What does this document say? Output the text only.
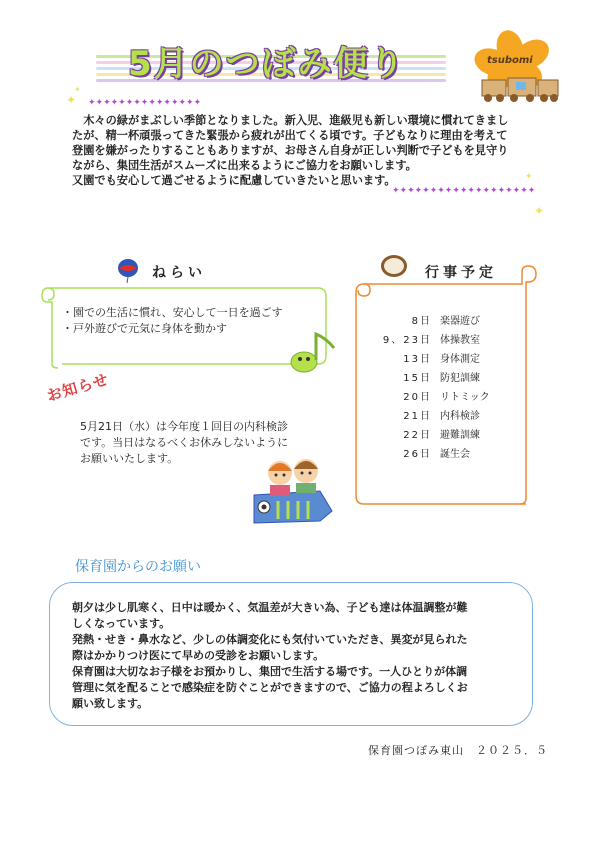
5月のつぼみ便り	tsubomi
✦
✦
✦✦✦✦✦✦✦✦✦✦✦✦✦✦✦
✦✦✦✦✦✦✦✦✦✦✦✦✦✦✦✦✦✦✦
✦
✦

　木々の緑がまぶしい季節となりました。新入児、進級児も新しい環境に慣れてきまし

たが、精一杯頑張ってきた緊張から疲れが出てくる頃です。子どもなりに理由を考えて

登園を嫌がったりすることもありますが、お母さん自身が正しい判断で子どもを見守り

ながら、集団生活がスムーズに出来るようにご協力をお願いします。

又園でも安心して過ごせるように配慮していきたいと思います。

ねらい
・園での生活に慣れ、安心して一日を過ごす
・戸外遊びで元気に身体を動かす
行事予定
8日 楽器遊び
9、23日 体操教室
13日 身体測定
15日 防犯訓練
20日 リトミック
21日 内科検診
22日 避難訓練
26日 誕生会
お知らせ

5月21日（水）は今年度１回目の内科検診

です。当日はなるべくお休みしないように

お願いいたします。

保育園からのお願い

朝夕は少し肌寒く、日中は暖かく、気温差が大きい為、子ども達は体温調整が難

しくなっています。

発熱・せき・鼻水など、少しの体調変化にも気付いていただき、異変が見られた

際はかかりつけ医にて早めの受診をお願いします。

保育園は大切なお子様をお預かりし、集団で生活する場です。一人ひとりが体調

管理に気を配ることで感染症を防ぐことができますので、ご協力の程よろしくお

願い致します。

保育園つぼみ東山　２０２５．５
